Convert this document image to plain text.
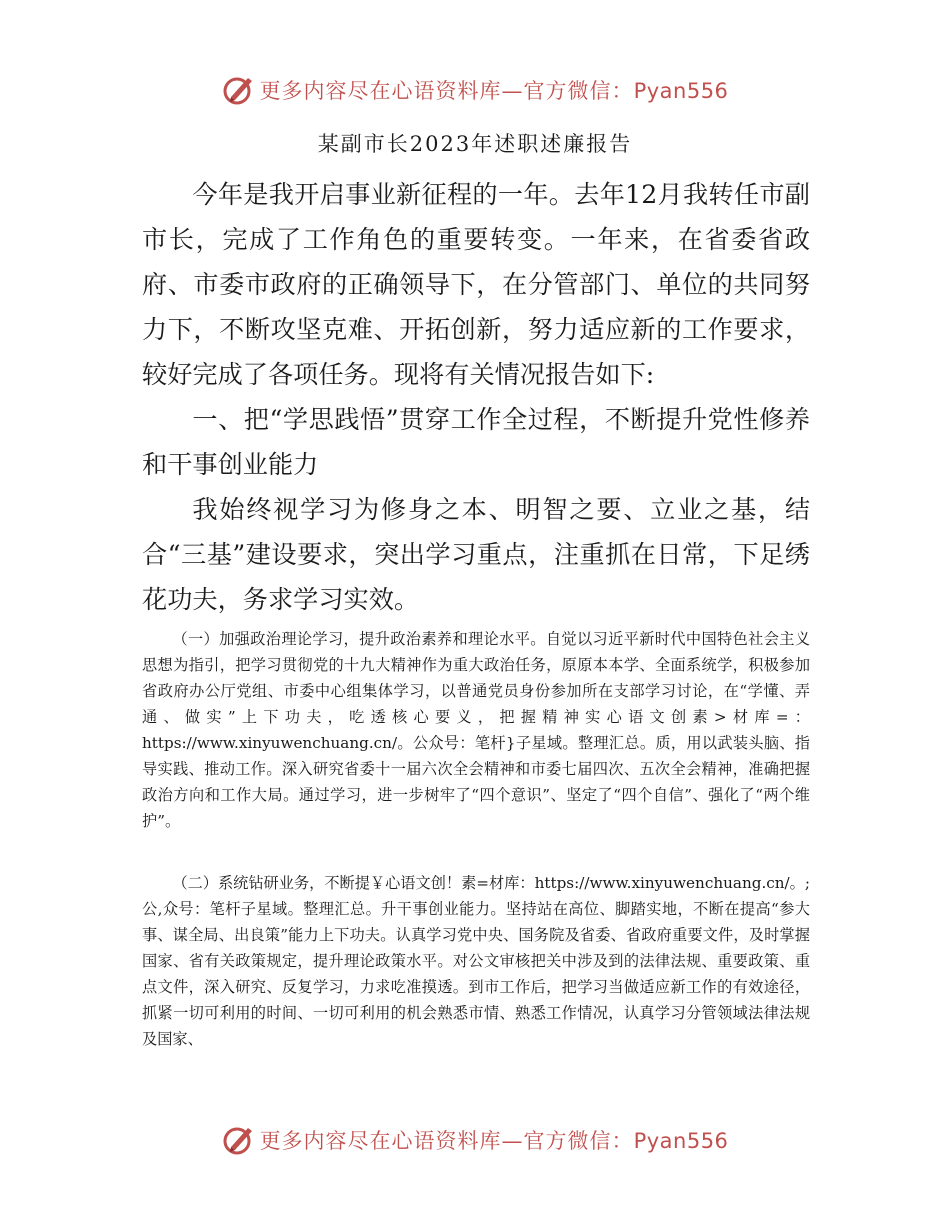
更多内容尽在心语资料库—官方微信：Pyan556
某副市长2023年述职述廉报告

今年是我开启事业新征程的一年。去年12月我转任市副市长，完成了工作角色的重要转变。一年来，在省委省政府、市委市政府的正确领导下，在分管部门、单位的共同努力下，不断攻坚克难、开拓创新，努力适应新的工作要求，较好完成了各项任务。现将有关情况报告如下:

一、把“学思践悟”贯穿工作全过程，不断提升党性修养和干事创业能力

我始终视学习为修身之本、明智之要、立业之基，结合“三基”建设要求，突出学习重点，注重抓在日常，下足绣花功夫，务求学习实效。

（一）加强政治理论学习，提升政治素养和理论水平。自觉以习近平新时代中国特色社会主义思想为指引，把学习贯彻党的十九大精神作为重大政治任务，原原本本学、全面系统学，积极参加省政府办公厅党组、市委中心组集体学习，以普通党员身份参加所在支部学习讨论，在“学懂、弄通、做实”上下功夫，吃透核心要义，把握精神实心语文创素>材库=：https://www.xinyuwenchuang.cn/。公众号：笔杆}子星域。整理汇总。质，用以武装头脑、指导实践、推动工作。深入研究省委十一届六次全会精神和市委七届四次、五次全会精神，准确把握政治方向和工作大局。通过学习，进一步树牢了“四个意识”、坚定了“四个自信”、强化了“两个维护”。

（二）系统钻研业务，不断提￥心语文创！素=材库：https://www.xinyuwenchuang.cn/。;公,众号：笔杆子星域。整理汇总。升干事创业能力。坚持站在高位、脚踏实地，不断在提高“参大事、谋全局、出良策”能力上下功夫。认真学习党中央、国务院及省委、省政府重要文件，及时掌握国家、省有关政策规定，提升理论政策水平。对公文审核把关中涉及到的法律法规、重要政策、重点文件，深入研究、反复学习，力求吃准摸透。到市工作后，把学习当做适应新工作的有效途径，抓紧一切可利用的时间、一切可利用的机会熟悉市情、熟悉工作情况，认真学习分管领域法律法规及国家、

更多内容尽在心语资料库—官方微信：Pyan556
